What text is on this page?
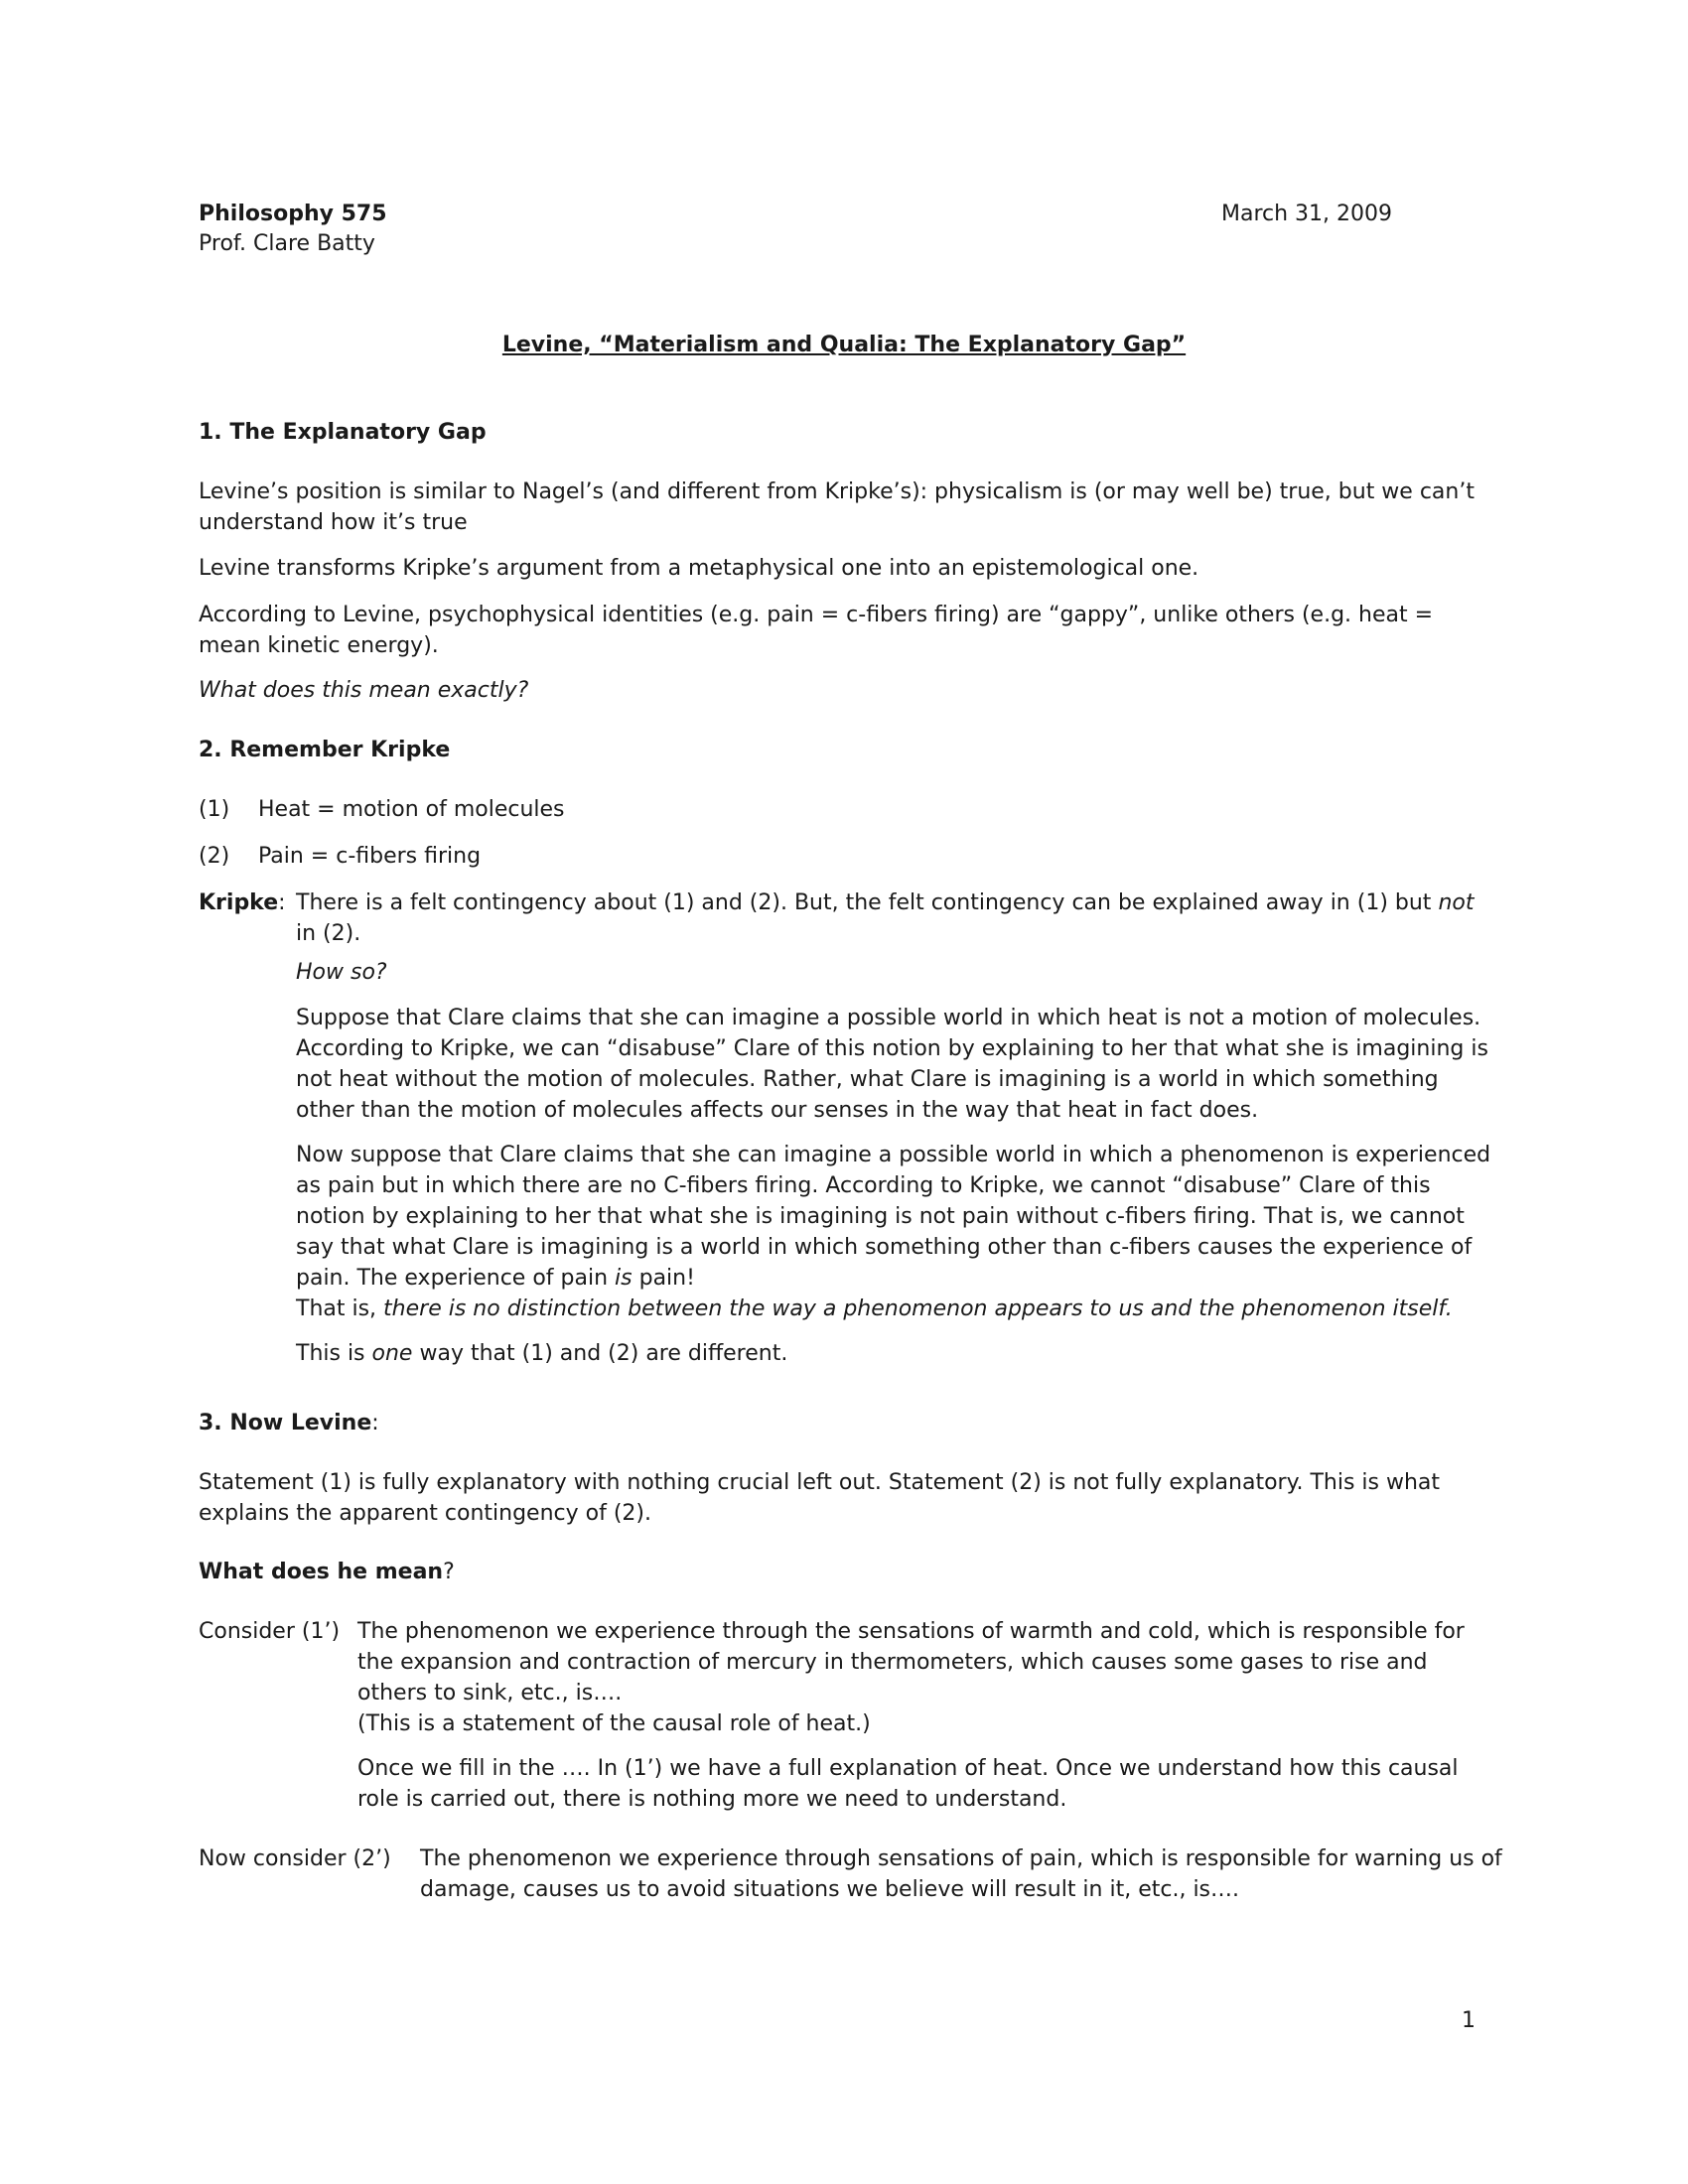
Philosophy 575
Prof. Clare Batty
March 31, 2009
Levine, “Materialism and Qualia: The Explanatory Gap”
1. The Explanatory Gap

Levine’s position is similar to Nagel’s (and different from Kripke’s): physicalism is (or may well be) true, but we can’t understand how it’s true

Levine transforms Kripke’s argument from a metaphysical one into an epistemological one.

According to Levine, psychophysical identities (e.g. pain = c-fibers firing) are “gappy”, unlike others (e.g. heat = mean kinetic energy).

What does this mean exactly?

2. Remember Kripke
(1) Heat = motion of molecules
(2) Pain = c-fibers firing
Kripke: There is a felt contingency about (1) and (2). But, the felt contingency can be explained away in (1) but not in (2).

How so?

Suppose that Clare claims that she can imagine a possible world in which heat is not a motion of molecules. According to Kripke, we can “disabuse” Clare of this notion by explaining to her that what she is imagining is not heat without the motion of molecules. Rather, what Clare is imagining is a world in which something other than the motion of molecules affects our senses in the way that heat in fact does.

Now suppose that Clare claims that she can imagine a possible world in which a phenomenon is experienced as pain but in which there are no C-fibers firing. According to Kripke, we cannot “disabuse” Clare of this notion by explaining to her that what she is imagining is not pain without c-fibers firing. That is, we cannot say that what Clare is imagining is a world in which something other than c-fibers causes the experience of pain. The experience of pain is pain!

That is, there is no distinction between the way a phenomenon appears to us and the phenomenon itself.

This is one way that (1) and (2) are different.

3. Now Levine:

Statement (1) is fully explanatory with nothing crucial left out. Statement (2) is not fully explanatory. This is what explains the apparent contingency of (2).

What does he mean?
Consider (1’) The phenomenon we experience through the sensations of warmth and cold, which is responsible for the expansion and contraction of mercury in thermometers, which causes some gases to rise and others to sink, etc., is….

(This is a statement of the causal role of heat.)

Once we fill in the …. In (1’) we have a full explanation of heat. Once we understand how this causal role is carried out, there is nothing more we need to understand.

Now consider (2’) The phenomenon we experience through sensations of pain, which is responsible for warning us of damage, causes us to avoid situations we believe will result in it, etc., is….

1
